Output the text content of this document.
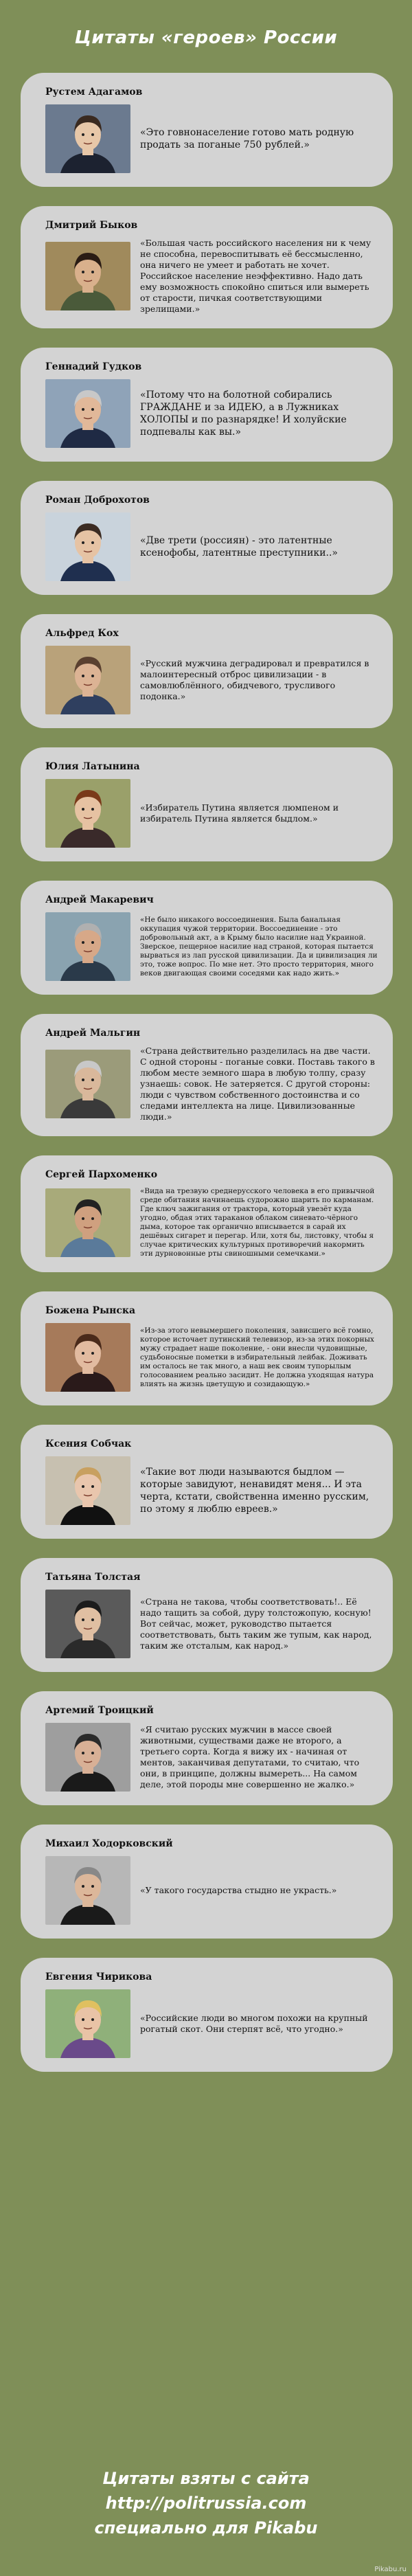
Цитаты «героев» России
Рустем Адагамов
«Это говнонаселение готово мать родную продать за поганые 750 рублей.»
Дмитрий Быков
«Большая часть российского населения ни к чему не способна, перевоспитывать её бессмысленно, она ничего не умеет и работать не хочет. Российское население неэффективно. Надо дать ему возможность спокойно спиться или вымереть от старости, пичкая соответствующими зрелищами.»
Геннадий Гудков
«Потому что на болотной собирались ГРАЖДАНЕ и за ИДЕЮ, а в Лужниках ХОЛОПЫ и по разнарядке! И холуйские подпевалы как вы.»
Роман Доброхотов
«Две трети (россиян) - это латентные ксенофобы, латентные преступники..»
Альфред Кох
«Русский мужчина деградировал и превратился в малоинтересный отброс цивилизации - в самовлюблённого, обидчевого, трусливого подонка.»
Юлия Латынина
«Избиратель Путина является люмпеном и избиратель Путина является быдлом.»
Андрей Макаревич
«Не было никакого воссоединения. Была банальная оккупация чужой территории. Воссоединение - это добровольный акт, а в Крыму было насилие над Украиной. Зверское, пещерное насилие над страной, которая пытается вырваться из лап русской цивилизации. Да и цивилизация ли это, тоже вопрос. По мне нет. Это просто территория, много веков двигающая своими соседями как надо жить.»
Андрей Мальгин
«Страна действительно разделилась на две части. С одной стороны - поганые совки. Поставь такого в любом месте земного шара в любую толпу, сразу узнаешь: совок. Не затеряется. С другой стороны: люди с чувством собственного достоинства и со следами интеллекта на лице. Цивилизованные люди.»
Сергей Пархоменко
«Вида на трезвую среднерусского человека в его привычной среде обитания начинаешь судорожно шарить по карманам. Где ключ зажигания от трактора, который увезёт куда угодно, обдая этих тараканов облаком синевато-чёрного дыма, которое так органично вписывается в сарай их дешёвых сигарет и перегар. Или, хотя бы, листовку, чтобы я случае критических культурных противоречий накормить эти дурновонные рты свиношными семечками.»
Божена Рынска
«Из-за этого невымершего поколения, зависшего всё гомно, которое источает путинский телевизор, из-за этих покорных мужу страдает наше поколение, - они внесли чудовищные, судьбоносные пометки в избирательный лейбак. Доживать им осталось не так много, а наш век своим тупорылым голосованием реально засидит. Не должна уходящая натура влиять на жизнь цветущую и созидающую.»
Ксения Собчак
«Такие вот люди называются быдлом — которые завидуют, ненавидят меня... И эта черта, кстати, свойственна именно русским, по этому я люблю евреев.»
Татьяна Толстая
«Страна не такова, чтобы соответствовать!.. Её надо тащить за собой, дуру толстожопую, косную! Вот сейчас, может, руководство пытается соответствовать, быть таким же тупым, как народ, таким же отсталым, как народ.»
Артемий Троицкий
«Я считаю русских мужчин в массе своей животными, существами даже не второго, а третьего сорта. Когда я вижу их - начиная от ментов, заканчивая депутатами, то считаю, что они, в принципе, должны вымереть... На самом деле, этой породы мне совершенно не жалко.»
Михаил Ходорковский
«У такого государства стыдно не украсть.»
Евгения Чирикова
«Российские люди во многом похожи на крупный рогатый скот. Они стерпят всё, что угодно.»
Цитаты взяты с сайта
http://politrussia.com
специально для Pikabu
Pikabu.ru
